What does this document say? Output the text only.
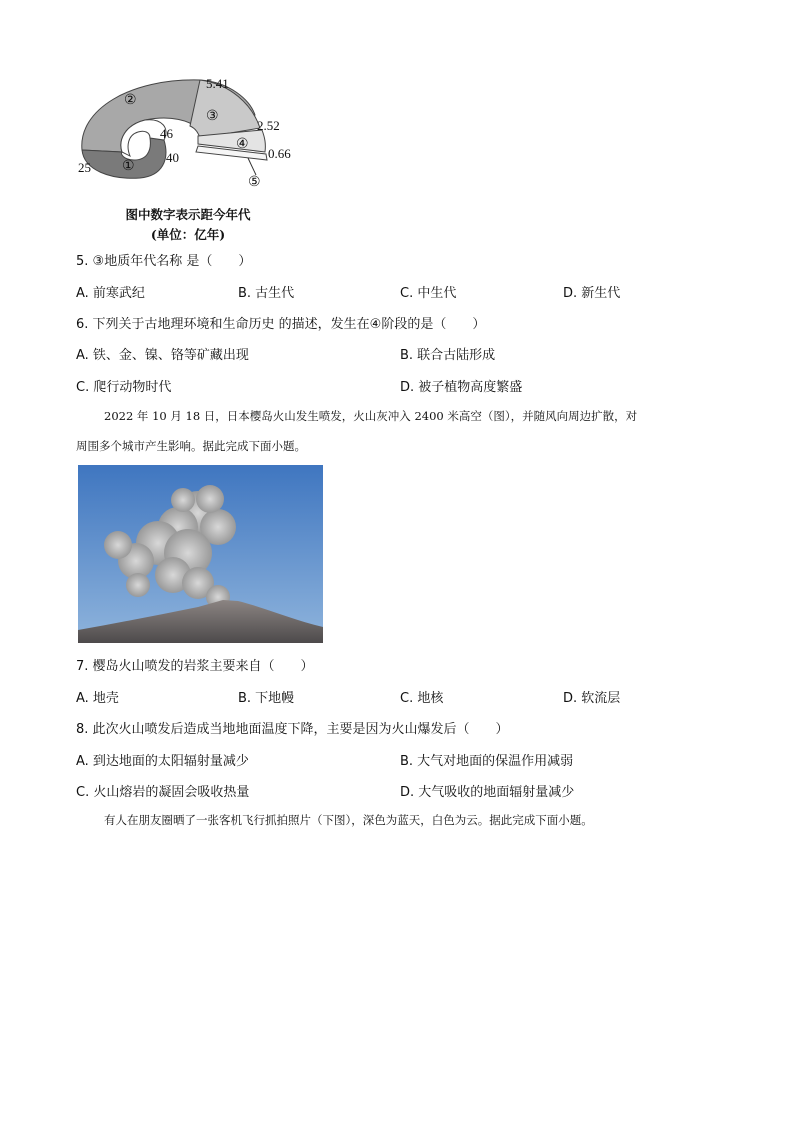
5.41
2.52
0.66
46
40
25
②
③
④
①
⑤
图中数字表示距今年代
(单位：亿年)
5. ③地质年代名称 是（　　）
A. 前寒武纪	B. 古生代	C. 中生代	D. 新生代
6. 下列关于古地理环境和生命历史 的描述，发生在④阶段的是（　　）
A. 铁、金、镍、铬等矿藏出现	B. 联合古陆形成
C. 爬行动物时代	D. 被子植物高度繁盛
2022 年 10 月 18 日，日本樱岛火山发生喷发，火山灰冲入 2400 米高空（图），并随风向周边扩散，对
周围多个城市产生影响。据此完成下面小题。
7. 樱岛火山喷发的岩浆主要来自（　　）
A. 地壳	B. 下地幔	C. 地核	D. 软流层
8. 此次火山喷发后造成当地地面温度下降，主要是因为火山爆发后（　　）
A. 到达地面的太阳辐射量减少	B. 大气对地面的保温作用减弱
C. 火山熔岩的凝固会吸收热量	D. 大气吸收的地面辐射量减少
有人在朋友圈晒了一张客机飞行抓拍照片（下图），深色为蓝天，白色为云。据此完成下面小题。
